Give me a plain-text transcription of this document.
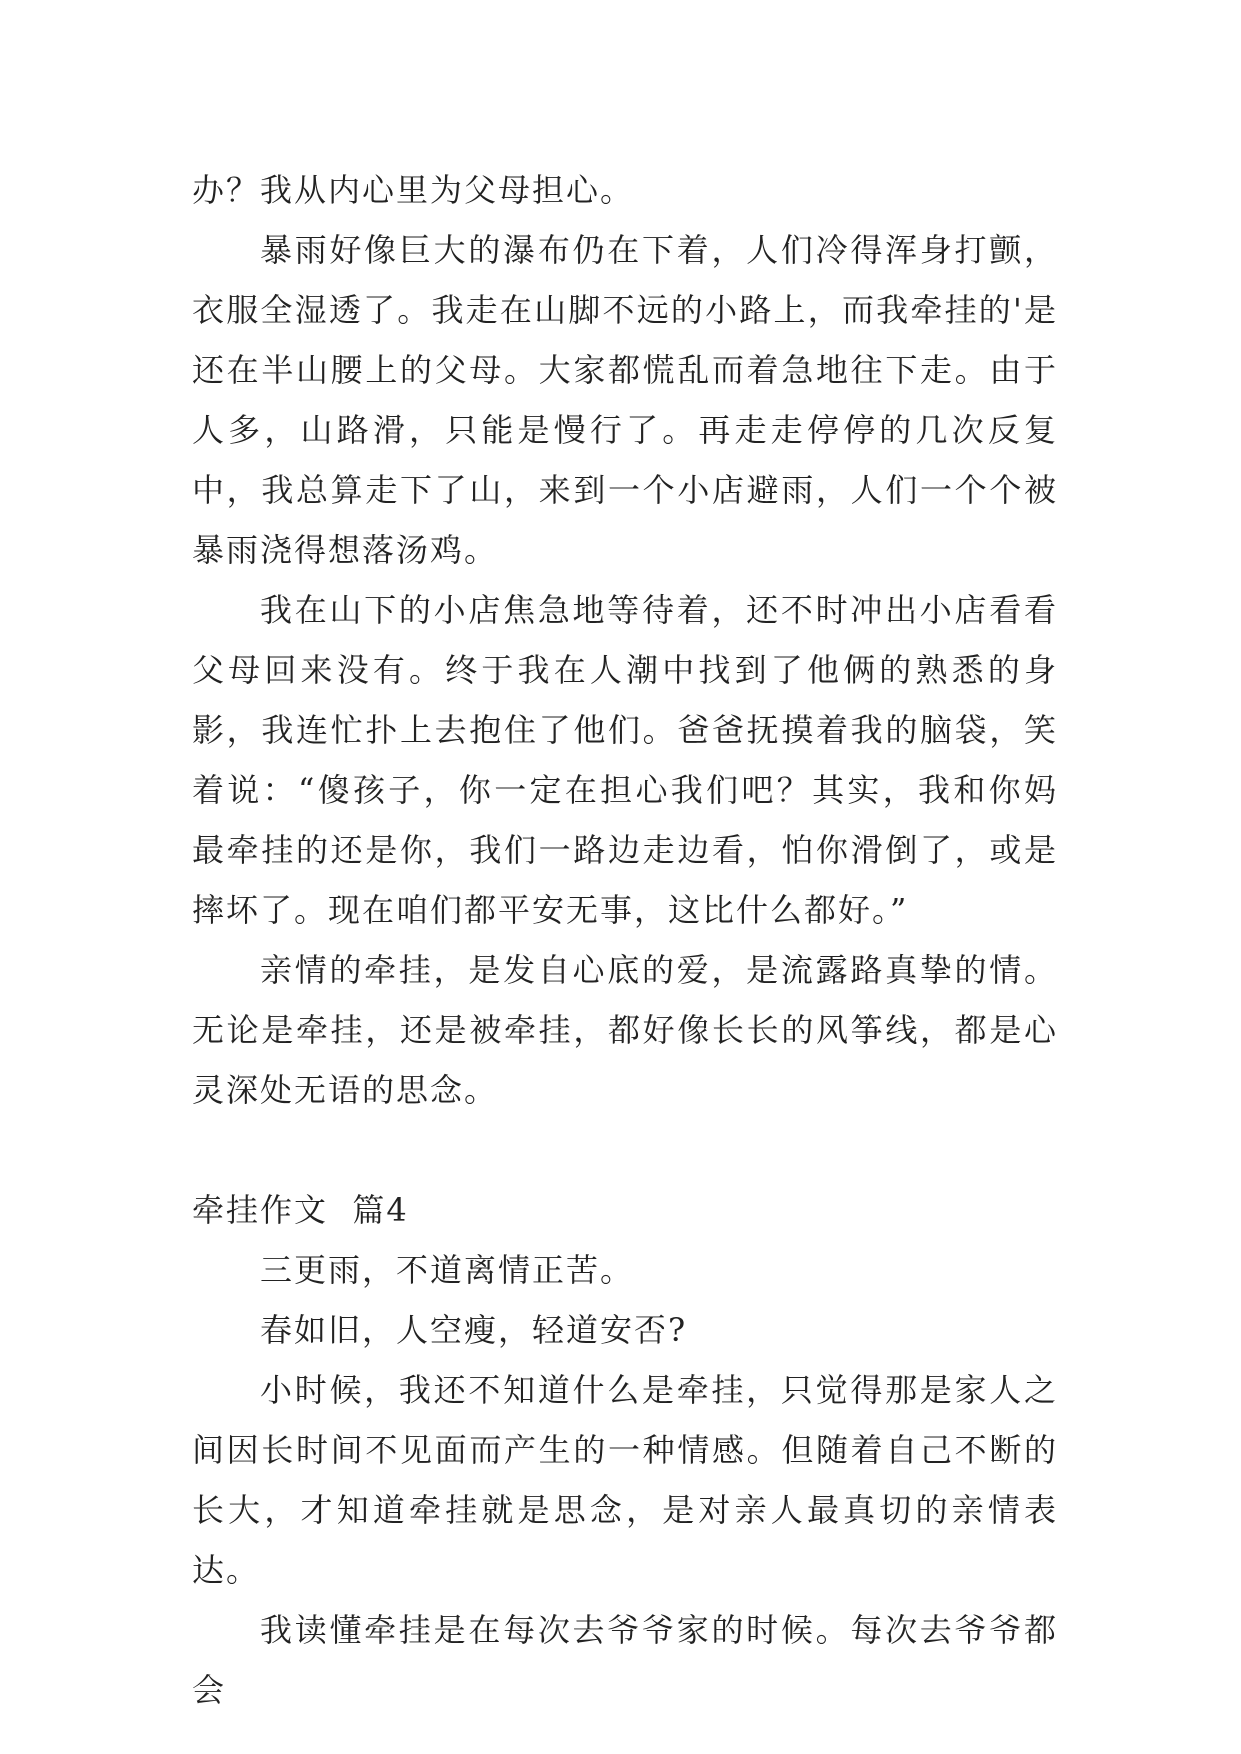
办？我从内心里为父母担心。

暴雨好像巨大的瀑布仍在下着，人们冷得浑身打颤，衣服全湿透了。我走在山脚不远的小路上，而我牵挂的'是还在半山腰上的父母。大家都慌乱而着急地往下走。由于人多，山路滑，只能是慢行了。再走走停停的几次反复中，我总算走下了山，来到一个小店避雨，人们一个个被暴雨浇得想落汤鸡。

我在山下的小店焦急地等待着，还不时冲出小店看看父母回来没有。终于我在人潮中找到了他俩的熟悉的身影，我连忙扑上去抱住了他们。爸爸抚摸着我的脑袋，笑着说：“傻孩子，你一定在担心我们吧？其实，我和你妈最牵挂的还是你，我们一路边走边看，怕你滑倒了，或是摔坏了。现在咱们都平安无事，这比什么都好。”

亲情的牵挂，是发自心底的爱，是流露路真挚的情。无论是牵挂，还是被牵挂，都好像长长的风筝线，都是心灵深处无语的思念。

牵挂作文  篇4

三更雨，不道离情正苦。

春如旧，人空瘦，轻道安否?

小时候，我还不知道什么是牵挂，只觉得那是家人之间因长时间不见面而产生的一种情感。但随着自己不断的长大，才知道牵挂就是思念，是对亲人最真切的亲情表达。

我读懂牵挂是在每次去爷爷家的时候。每次去爷爷都会
